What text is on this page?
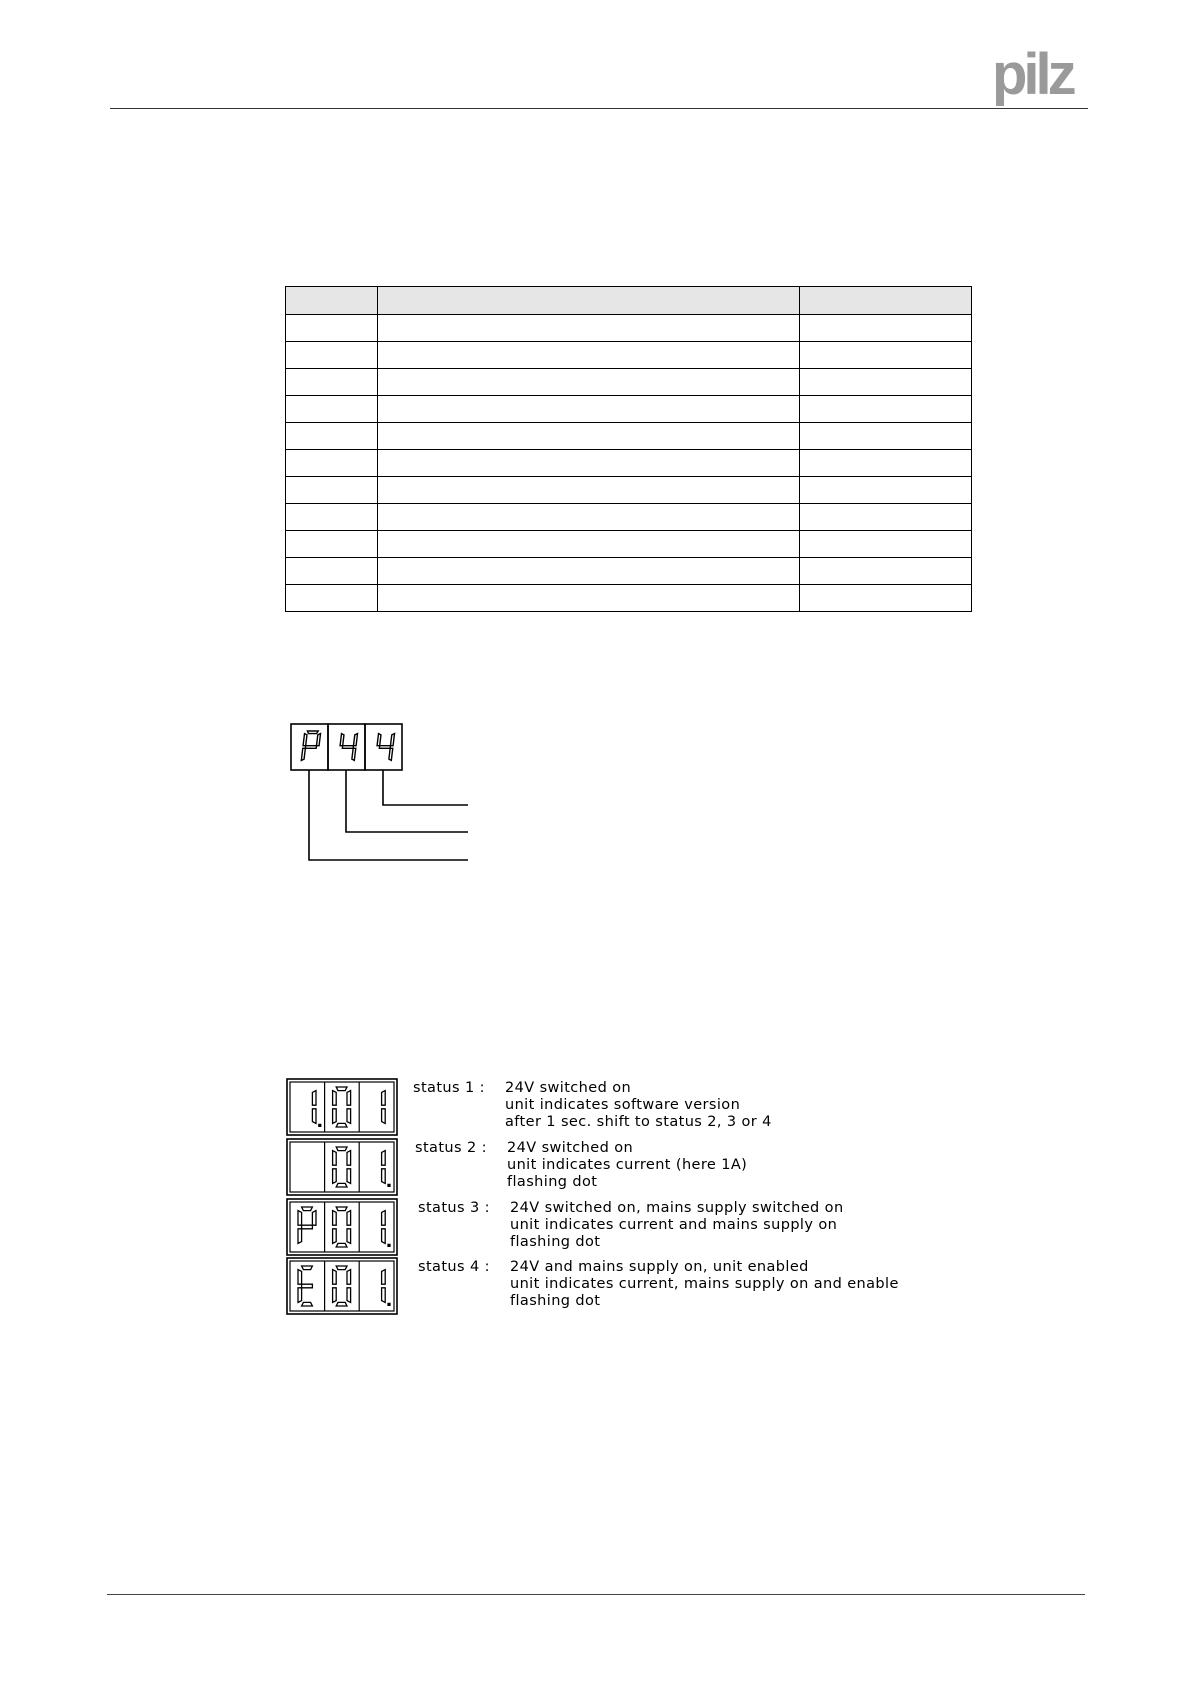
pilz

status 1 : 24V switched on
unit indicates software version
after 1 sec. shift to status 2, 3 or 4
status 2 : 24V switched on
unit indicates current (here 1A)
flashing dot
status 3 : 24V switched on, mains supply switched on
unit indicates current and mains supply on
flashing dot
status 4 : 24V and mains supply on, unit enabled
unit indicates current, mains supply on and enable
flashing dot
